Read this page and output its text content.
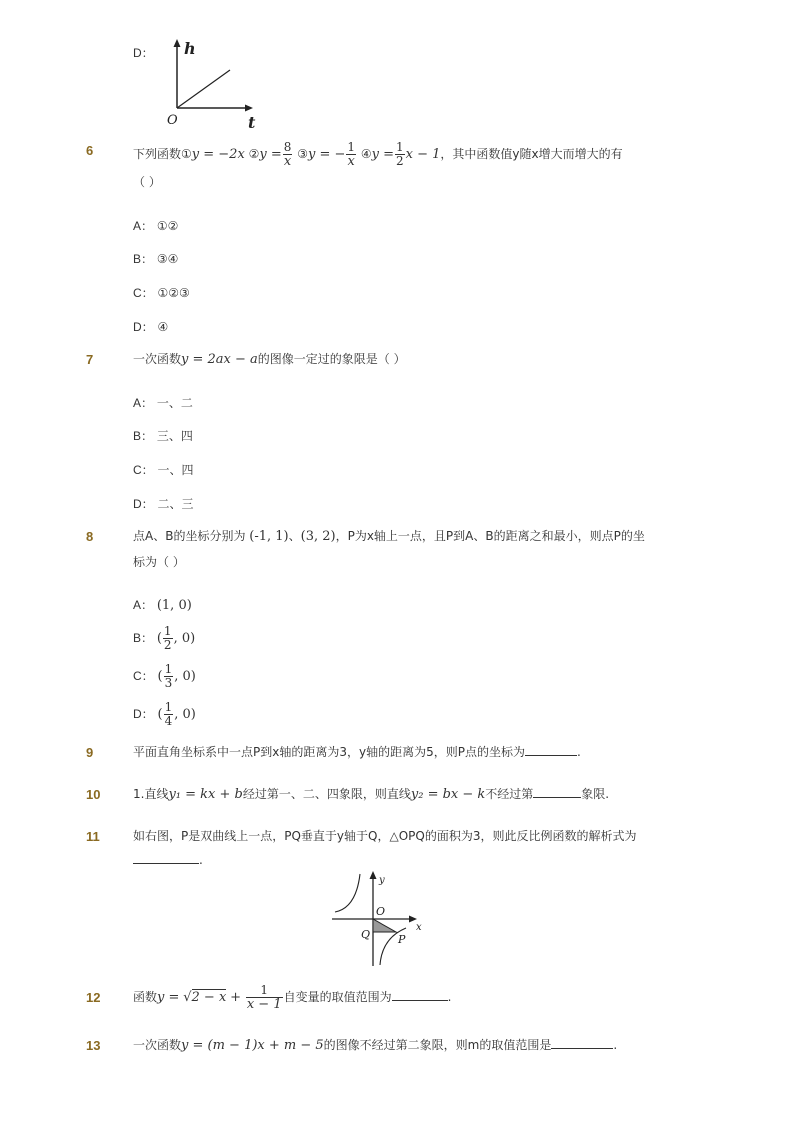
D： h
t
O
6	下列函数①y = −2x ②y = $\frac{8}{x}$ ③y = − $\frac{1}{x}$ ④y = $\frac{1}{2}$ x − 1，其中函数值y随x增大而增大的有
（ ）
A： ①②
B： ③④
C： ①②③
D： ④
7	一次函数y = 2ax − a的图像一定过的象限是（ ）
A： 一、二
B： 三、四
C： 一、四
D： 二、三
8	点A、B的坐标分别为 (-1, 1)、(3, 2)，P为x轴上一点，且P到A、B的距离之和最小，则点P的坐
标为（ ）
A： (1, 0)
B： ( $\frac{1}{2}$ , 0)
C： ( $\frac{1}{3}$ , 0)
D： ( $\frac{1}{4}$ , 0)
9	平面直角坐标系中一点P到x轴的距离为3，y轴的距离为5，则P点的坐标为	.
10	1.直线y₁ = kx + b经过第一、二、四象限，则直线y₂ = bx − k不经过第	象限.
11	如右图，P是双曲线上一点，PQ垂直于y轴于Q，△OPQ的面积为3，则此反比例函数的解析式为
.
y
x
O
Q	P
12	函数$y = √2 - x + \frac{1}{x - 1}$ 自变量的取值范围为	.
13	一次函数y = (m − 1)x + m − 5的图像不经过第二象限，则m的取值范围是	.
